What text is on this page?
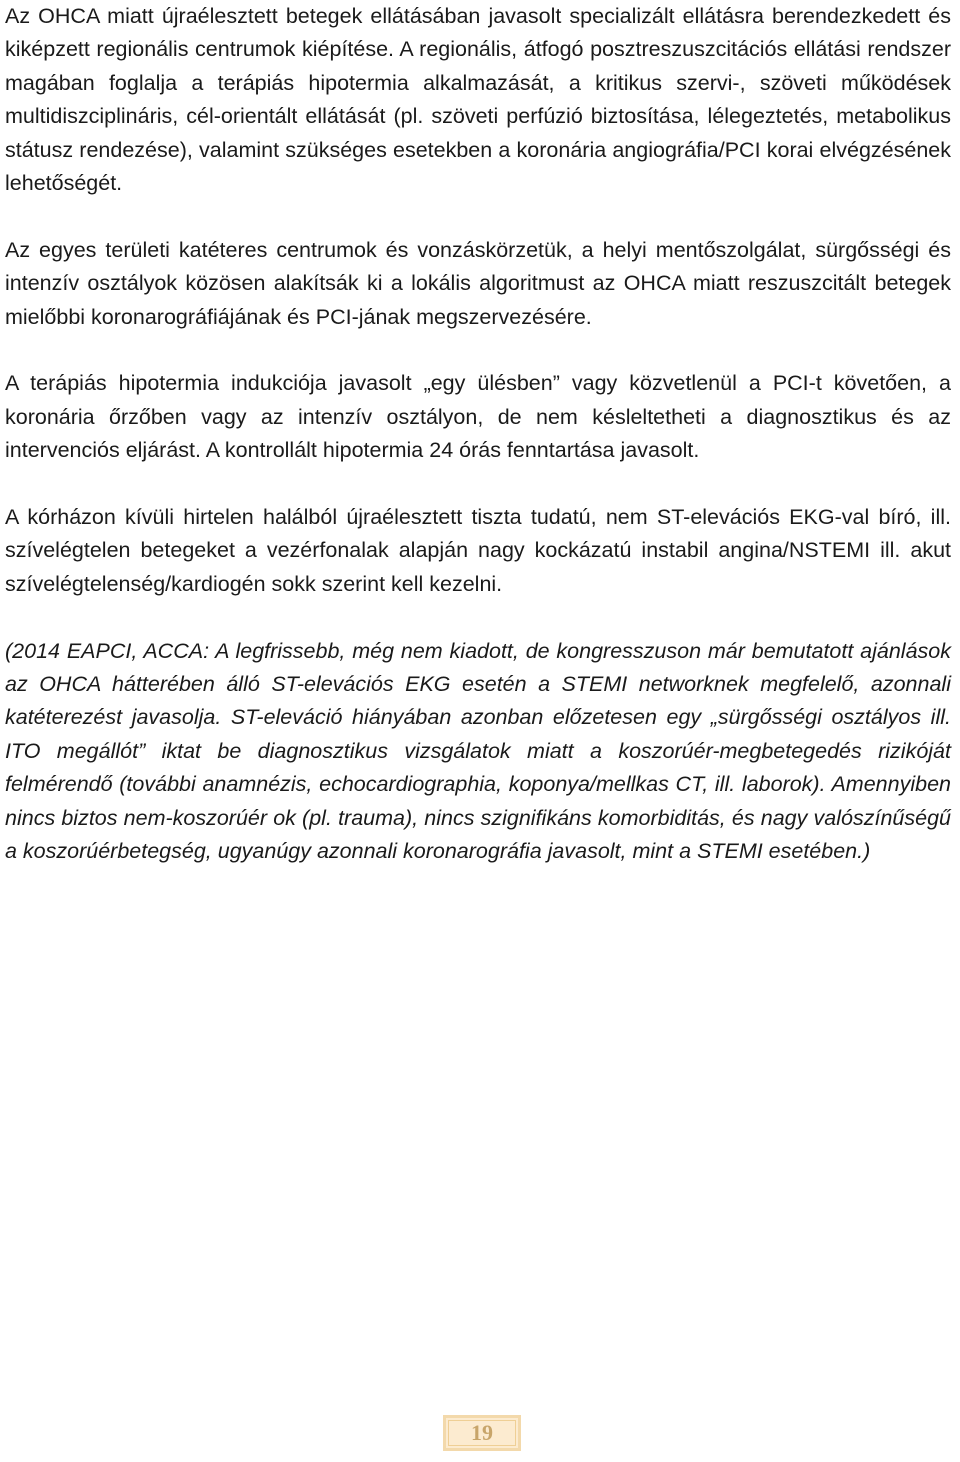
Az OHCA miatt újraélesztett betegek ellátásában javasolt specializált ellátásra berendezkedett és kiképzett regionális centrumok kiépítése. A regionális, átfogó posztreszuszcitációs ellátási rendszer magában foglalja a terápiás hipotermia alkalmazását, a kritikus szervi-, szöveti működések multidiszciplináris, cél-orientált ellátását (pl. szöveti perfúzió biztosítása, lélegeztetés, metabolikus státusz rendezése), valamint szükséges esetekben a koronária angiográfia/PCI korai elvégzésének lehetőségét.

Az egyes területi katéteres centrumok és vonzáskörzetük, a helyi mentőszolgálat, sürgősségi és intenzív osztályok közösen alakítsák ki a lokális algoritmust az OHCA miatt reszuszcitált betegek mielőbbi koronarográfiájának és PCI-jának megszervezésére.

A terápiás hipotermia indukciója javasolt „egy ülésben” vagy közvetlenül a PCI-t követően, a koronária őrzőben vagy az intenzív osztályon, de nem késleltetheti a diagnosztikus és az intervenciós eljárást. A kontrollált hipotermia 24 órás fenntartása javasolt.

A kórházon kívüli hirtelen halálból újraélesztett tiszta tudatú, nem ST-elevációs EKG-val bíró, ill. szívelégtelen betegeket a vezérfonalak alapján nagy kockázatú instabil angina/NSTEMI ill. akut szívelégtelenség/kardiogén sokk szerint kell kezelni.

(2014 EAPCI, ACCA: A legfrissebb, még nem kiadott, de kongresszuson már bemutatott ajánlások az OHCA hátterében álló ST-elevációs EKG esetén a STEMI networknek megfelelő, azonnali katéterezést javasolja. ST-eleváció hiányában azonban előzetesen egy „sürgősségi osztályos ill. ITO megállót” iktat be diagnosztikus vizsgálatok miatt a koszorúér-megbetegedés rizikóját felmérendő (további anamnézis, echocardiographia, koponya/mellkas CT, ill. laborok). Amennyiben nincs biztos nem-koszorúér ok (pl. trauma), nincs szignifikáns komorbiditás, és nagy valószínűségű a koszorúérbetegség, ugyanúgy azonnali koronarográfia javasolt, mint a STEMI esetében.)

19
